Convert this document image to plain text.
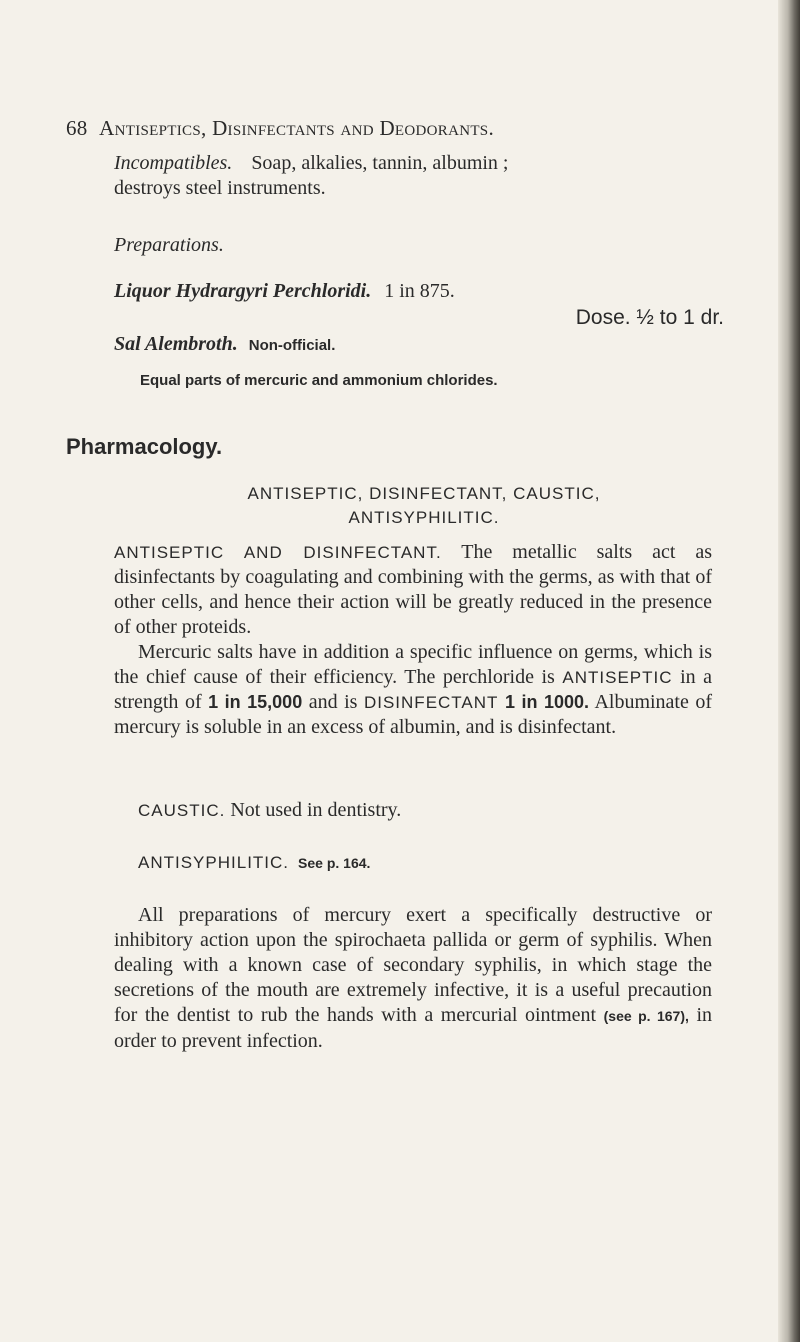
68 Antiseptics, Disinfectants and Deodorants.
Incompatibles. Soap, alkalies, tannin, albumin ;
destroys steel instruments.
Preparations.
Liquor Hydrargyri Perchloridi. 1 in 875.
Dose. ½ to 1 dr.
Sal Alembroth. Non-official.
Equal parts of mercuric and ammonium chlorides.
Pharmacology.
ANTISEPTIC, DISINFECTANT, CAUSTIC,
ANTISYPHILITIC.
ANTISEPTIC AND DISINFECTANT. The metallic salts act as disinfectants by coagulating and combining with the germs, as with that of other cells, and hence their action will be greatly reduced in the presence of other proteids.
Mercuric salts have in addition a specific influence on germs, which is the chief cause of their efficiency. The perchloride is ANTISEPTIC in a strength of 1 in 15,000 and is DISINFECTANT 1 in 1000. Albuminate of mercury is soluble in an excess of albumin, and is disinfectant.
CAUSTIC. Not used in dentistry.
ANTISYPHILITIC. See p. 164.
All preparations of mercury exert a specifically destructive or inhibitory action upon the spirochaeta pallida or germ of syphilis. When dealing with a known case of secondary syphilis, in which stage the secretions of the mouth are extremely infective, it is a useful precaution for the dentist to rub the hands with a mercurial ointment (see p. 167), in order to prevent infection.
